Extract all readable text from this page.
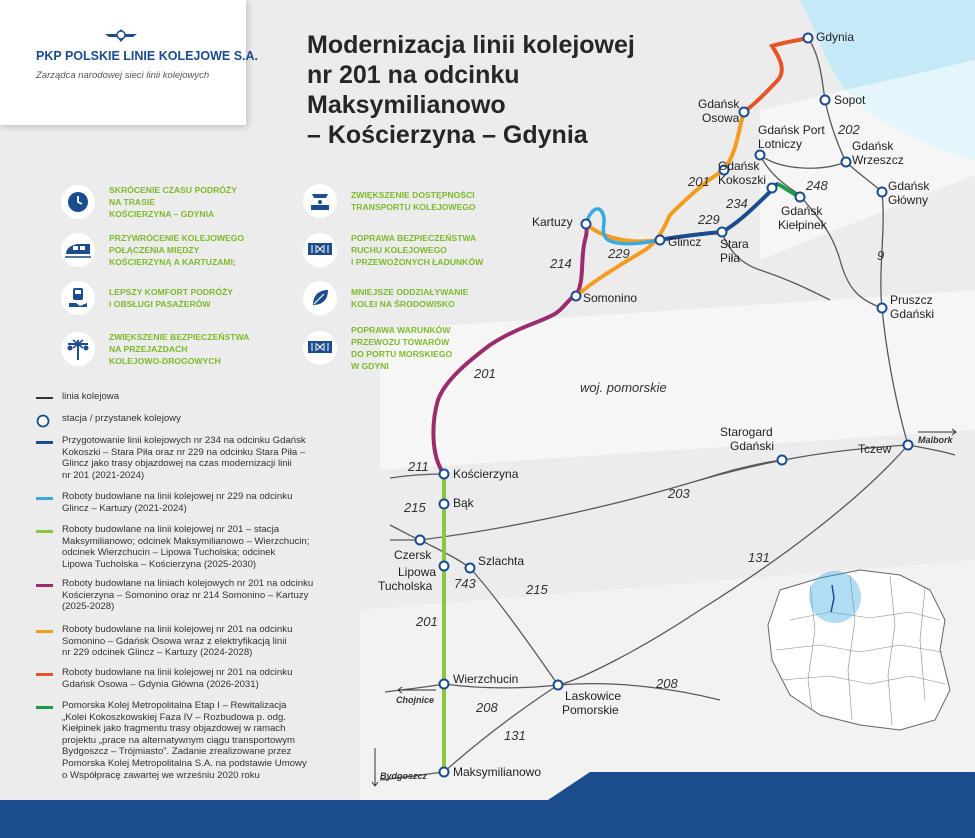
Gdynia
Sopot
Gdańsk
Osowa
Gdańsk Port
Lotniczy	Gdańsk
Wrzeszcz
Gdańsk
Główny
Gdańsk
Kokoszki
Gdańsk
Kiełpinek
Kartuzy
Glincz Stara
Piła
Somonino	Pruszcz
Gdański
Starogard
Gdański	Tczew
Kościerzyna
Bąk
Czersk
Lipowa
Tucholska
Szlachta
Wierzchucin
Laskowice
Pomorskie
Maksymilianowo
202
201	248
234
229
229
214
9
201
211
215
203
131
743	215
201
208
208
131
woj. pomorskie
Malbork
Chojnice
Bydgoszcz
PKP POLSKIE LINIE KOLEJOWE S.A.
Zarządca narodowej sieci linii kolejowych
Modernizacja linii kolejowej
nr 201 na odcinku
Maksymilianowo
– Kościerzyna – Gdynia
SKRÓCENIE CZASU PODRÓŻY
NA TRASIE
KOŚCIERZYNA – GDYNIA
PRZYWRÓCENIE KOLEJOWEGO
POŁĄCZENIA MIĘDZY
KOŚCIERZYNĄ A KARTUZAMI;
LEPSZY KOMFORT PODRÓŻY
I OBSŁUGI PASAŻERÓW
ZWIĘKSZENIE BEZPIECZEŃSTWA
NA PRZEJAZDACH
KOLEJOWO-DROGOWYCH
ZWIĘKSZENIE DOSTĘPNOŚCI
TRANSPORTU KOLEJOWEGO
POPRAWA BEZPIECZEŃSTWA
RUCHU KOLEJOWEGO
I PRZEWOŻONYCH ŁADUNKÓW
MNIEJSZE ODDZIAŁYWANIE
KOLEI NA ŚRODOWISKO
POPRAWA WARUNKÓW
PRZEWOZU TOWARÓW
DO PORTU MORSKIEGO
W GDYNI
linia kolejowa
stacja / przystanek kolejowy
Przygotowanie linii kolejowych nr 234 na odcinku Gdańsk
Kokoszki – Stara Piła oraz nr 229 na odcinku Stara Piła –
Glincz jako trasy objazdowej na czas modernizacji linii
nr 201 (2021-2024)
Roboty budowlane na linii kolejowej nr 229 na odcinku
Glincz – Kartuzy (2021-2024)
Roboty budowlane na linii kolejowej nr 201 – stacja
Maksymilianowo; odcinek Maksymilianowo – Wierzchucin;
odcinek Wierzchucin – Lipowa Tucholska; odcinek
Lipowa Tucholska – Kościerzyna (2025-2030)
Roboty budowlane na liniach kolejowych nr 201 na odcinku
Kościerzyna – Somonino oraz nr 214 Somonino – Kartuzy
(2025-2028)
Roboty budowlane na linii kolejowej nr 201 na odcinku
Somonino – Gdańsk Osowa wraz z elektryfikacją linii
nr 229 odcinek Glincz – Kartuzy (2024-2028)
Roboty budowlane na linii kolejowej nr 201 na odcinku
Gdańsk Osowa – Gdynia Główna (2026-2031)
Pomorska Kolej Metropolitalna Etap I – Rewitalizacja
„Kolei Kokoszkowskiej Faza IV – Rozbudowa p. odg.
Kiełpinek jako fragmentu trasy objazdowej w ramach
projektu „prace na alternatywnym ciągu transportowym
Bydgoszcz – Trójmiasto”. Zadanie zrealizowane przez
Pomorska Kolej Metropolitalna S.A. na podstawie Umowy
o Współpracę zawartej we wrześniu 2020 roku
